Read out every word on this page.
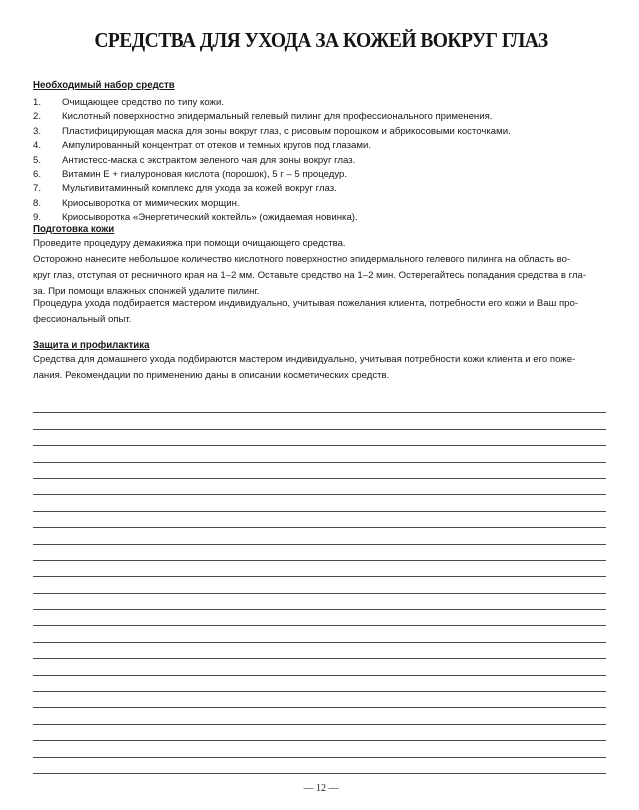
СРЕДСТВА ДЛЯ УХОДА ЗА КОЖЕЙ ВОКРУГ ГЛАЗ
Необходимый набор средств
1. Очищающее средство по типу кожи.
2. Кислотный поверхностно эпидермальный гелевый пилинг для профессионального применения.
3. Пластифицирующая маска для зоны вокруг глаз, с рисовым порошком и абрикосовыми косточками.
4. Ампулированный концентрат от отеков и темных кругов под глазами.
5. Антистесс-маска с экстрактом зеленого чая для зоны вокруг глаз.
6. Витамин Е + гиалуроновая кислота (порошок), 5 г – 5 процедур.
7. Мультивитаминный комплекс для ухода за кожей вокруг глаз.
8. Криосыворотка от мимических морщин.
9. Криосыворотка «Энергетический коктейль» (ожидаемая новинка).
Подготовка кожи
Проведите процедуру демакияжа при помощи очищающего средства.
Осторожно нанесите небольшое количество кислотного поверхностно эпидермального гелевого пилинга на область во-
круг глаз, отступая от ресничного края на 1–2 мм. Оставьте средство на 1–2 мин. Остерегайтесь попадания средства в гла-
за. При помощи влажных спонжей удалите пилинг.
Процедура ухода подбирается мастером индивидуально, учитывая пожелания клиента, потребности его кожи и Ваш про-
фессиональный опыт.
Защита и профилактика
Средства для домашнего ухода подбираются мастером индивидуально, учитывая потребности кожи клиента и его поже-
лания. Рекомендации по применению даны в описании косметических средств.
— 12 —
